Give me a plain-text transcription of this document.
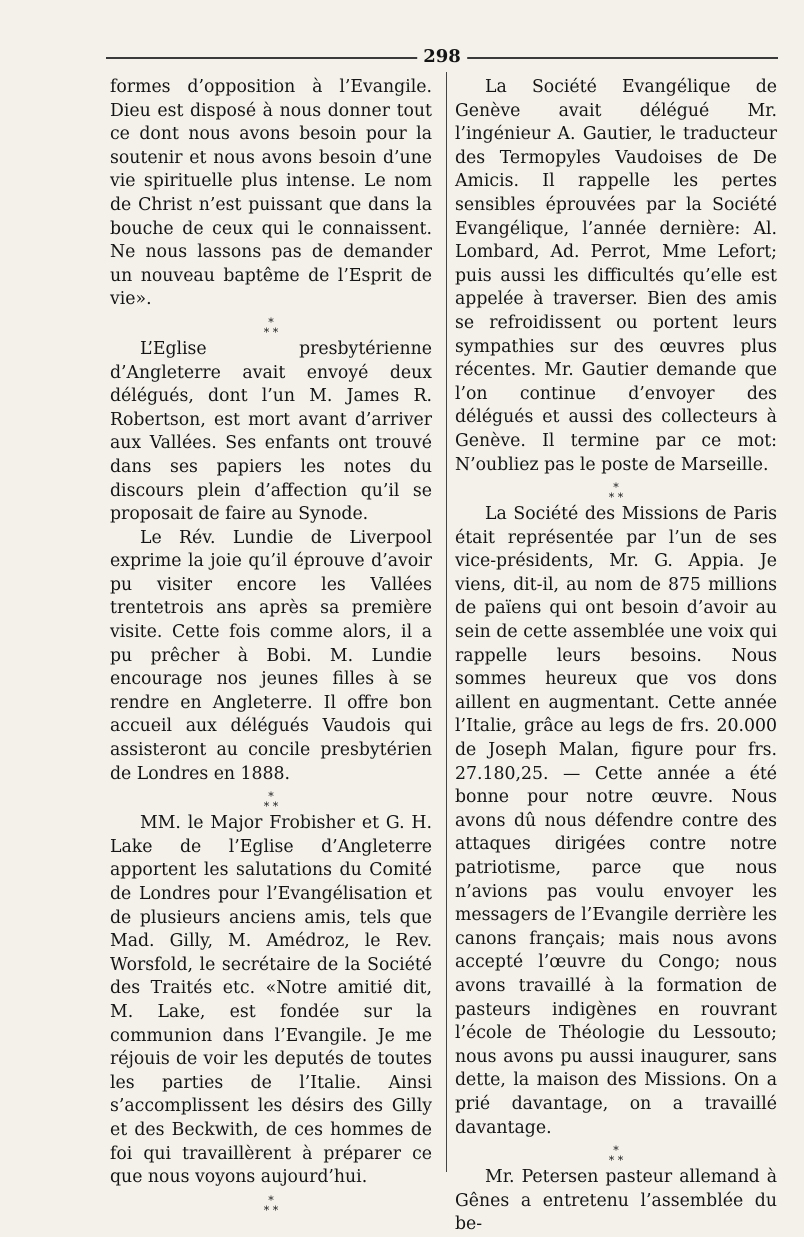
298

formes d’opposition à l’Evangile. Dieu est disposé à nous donner tout ce dont nous avons besoin pour la soutenir et nous avons besoin d’une vie spirituelle plus intense. Le nom de Christ n’est puissant que dans la bouche de ceux qui le connaissent. Ne nous lassons pas de demander un nouveau baptême de l’Esprit de vie».

*
* *

L’Eglise presbytérienne d’Angleterre avait envoyé deux délégués, dont l’un M. James R. Robertson, est mort avant d’arriver aux Vallées. Ses enfants ont trouvé dans ses papiers les notes du discours plein d’affection qu’il se proposait de faire au Synode.

Le Rév. Lundie de Liverpool exprime la joie qu’il éprouve d’avoir pu visiter encore les Vallées trentetrois ans après sa première visite. Cette fois comme alors, il a pu prêcher à Bobi. M. Lundie encourage nos jeunes filles à se rendre en Angleterre. Il offre bon accueil aux délégués Vaudois qui assisteront au concile presbytérien de Londres en 1888.

*
* *

MM. le Major Frobisher et G. H. Lake de l’Eglise d’Angleterre apportent les salutations du Comité de Londres pour l’Evangélisation et de plusieurs anciens amis, tels que Mad. Gilly, M. Amédroz, le Rev. Worsfold, le secrétaire de la Société des Traités etc. «Notre amitié dit, M. Lake, est fondée sur la communion dans l’Evangile. Je me réjouis de voir les deputés de toutes les parties de l’Italie. Ainsi s’accomplissent les désirs des Gilly et des Beckwith, de ces hommes de foi qui travaillèrent à préparer ce que nous voyons aujourd’hui.

*
* *

La Société Evangélique de Genève avait délégué Mr. l’ingénieur A. Gautier, le traducteur des Termopyles Vaudoises de De Amicis. Il rappelle les pertes sensibles éprouvées par la Société Evangélique, l’année dernière: Al. Lombard, Ad. Perrot, Mme Lefort; puis aussi les difficultés qu’elle est appelée à traverser. Bien des amis se refroidissent ou portent leurs sympathies sur des œuvres plus récentes. Mr. Gautier demande que l’on continue d’envoyer des délégués et aussi des collecteurs à Genève. Il termine par ce mot: N’oubliez pas le poste de Marseille.

*
* *

La Société des Missions de Paris était représentée par l’un de ses vice-présidents, Mr. G. Appia. Je viens, dit-il, au nom de 875 millions de païens qui ont besoin d’avoir au sein de cette assemblée une voix qui rappelle leurs besoins. Nous sommes heureux que vos dons aillent en augmentant. Cette année l’Italie, grâce au legs de frs. 20.000 de Joseph Malan, figure pour frs. 27.180,25. — Cette année a été bonne pour notre œuvre. Nous avons dû nous défendre contre des attaques dirigées contre notre patriotisme, parce que nous n’avions pas voulu envoyer les messagers de l’Evangile derrière les canons français; mais nous avons accepté l’œuvre du Congo; nous avons travaillé à la formation de pasteurs indigènes en rouvrant l’école de Théologie du Lessouto; nous avons pu aussi inaugurer, sans dette, la maison des Missions. On a prié davantage, on a travaillé davantage.

*
* *

Mr. Petersen pasteur allemand à Gênes a entretenu l’assemblée du be-
